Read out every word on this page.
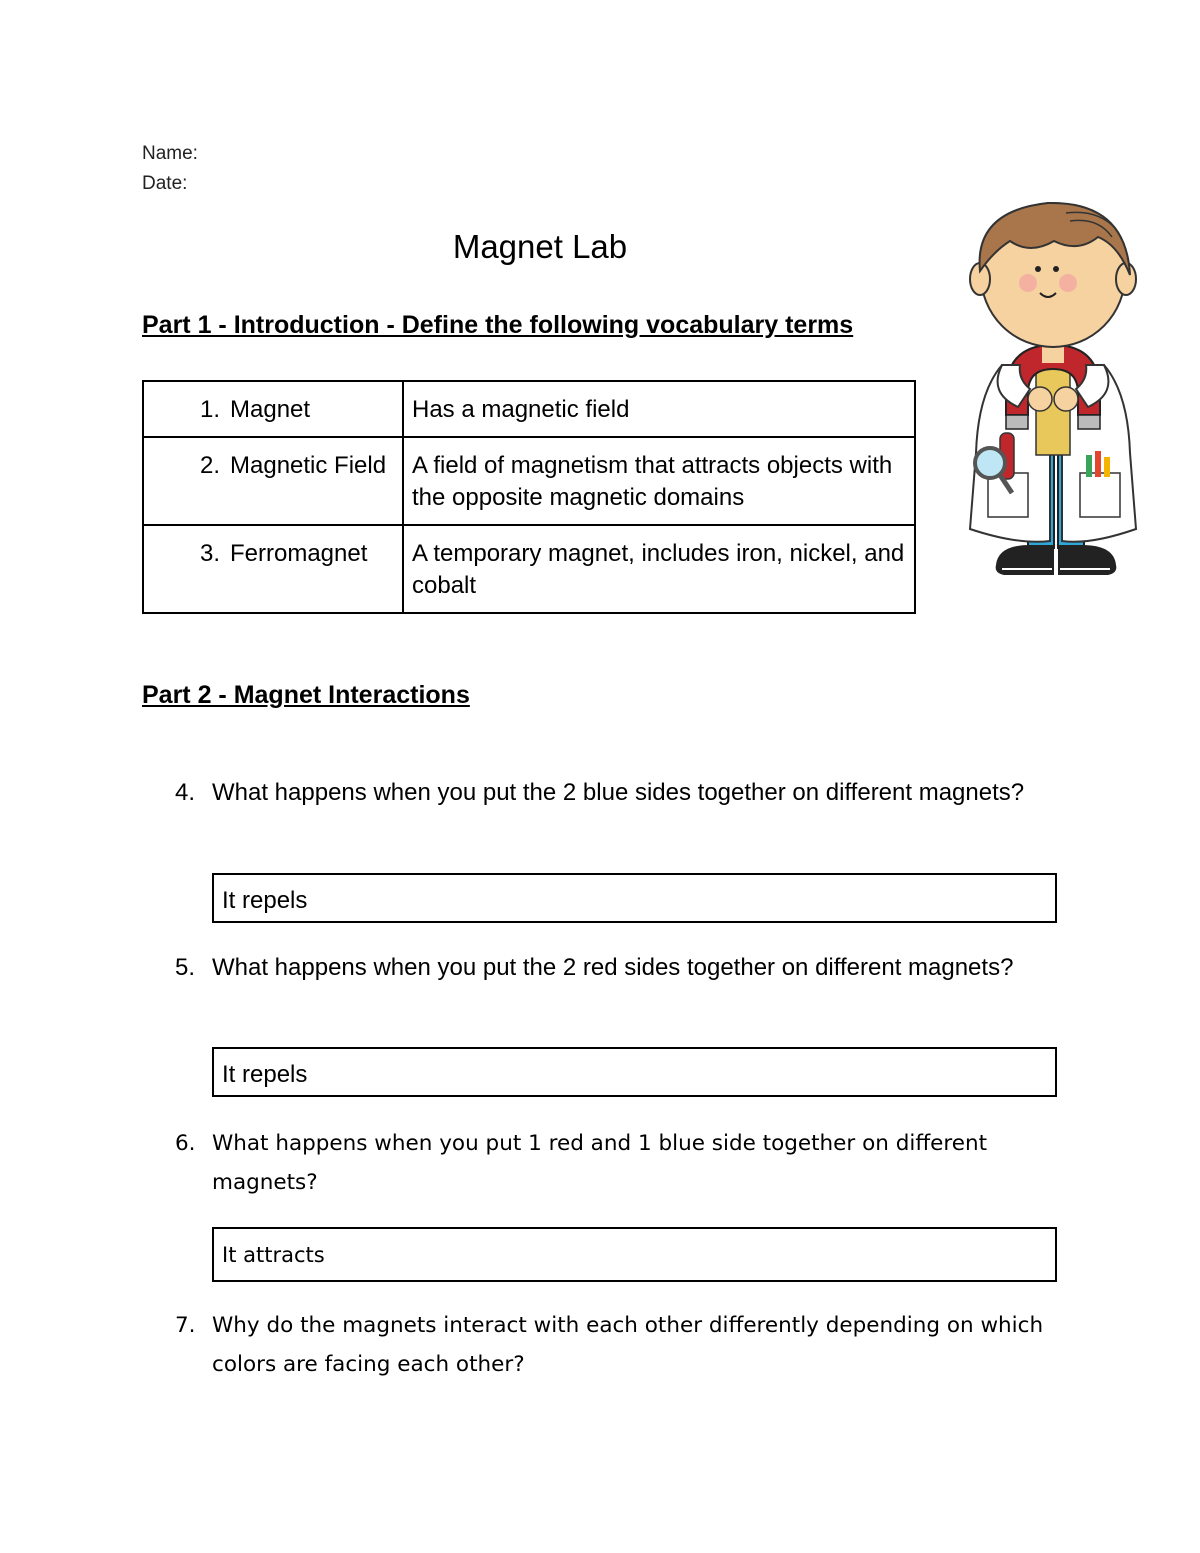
Name:
Date:
Magnet Lab
Part 1 - Introduction - Define the following vocabulary terms
1. Magnet	Has a magnetic field
2. Magnetic Field	A field of magnetism that attracts objects with the opposite magnetic domains
3. Ferromagnet	A temporary magnet, includes iron, nickel, and cobalt
Part 2 - Magnet Interactions
4. What happens when you put the 2 blue sides together on different magnets?
It repels
5. What happens when you put the 2 red sides together on different magnets?
It repels
6. What happens when you put 1 red and 1 blue side together on different magnets?
It attracts
7. Why do the magnets interact with each other differently depending on which colors are facing each other?
